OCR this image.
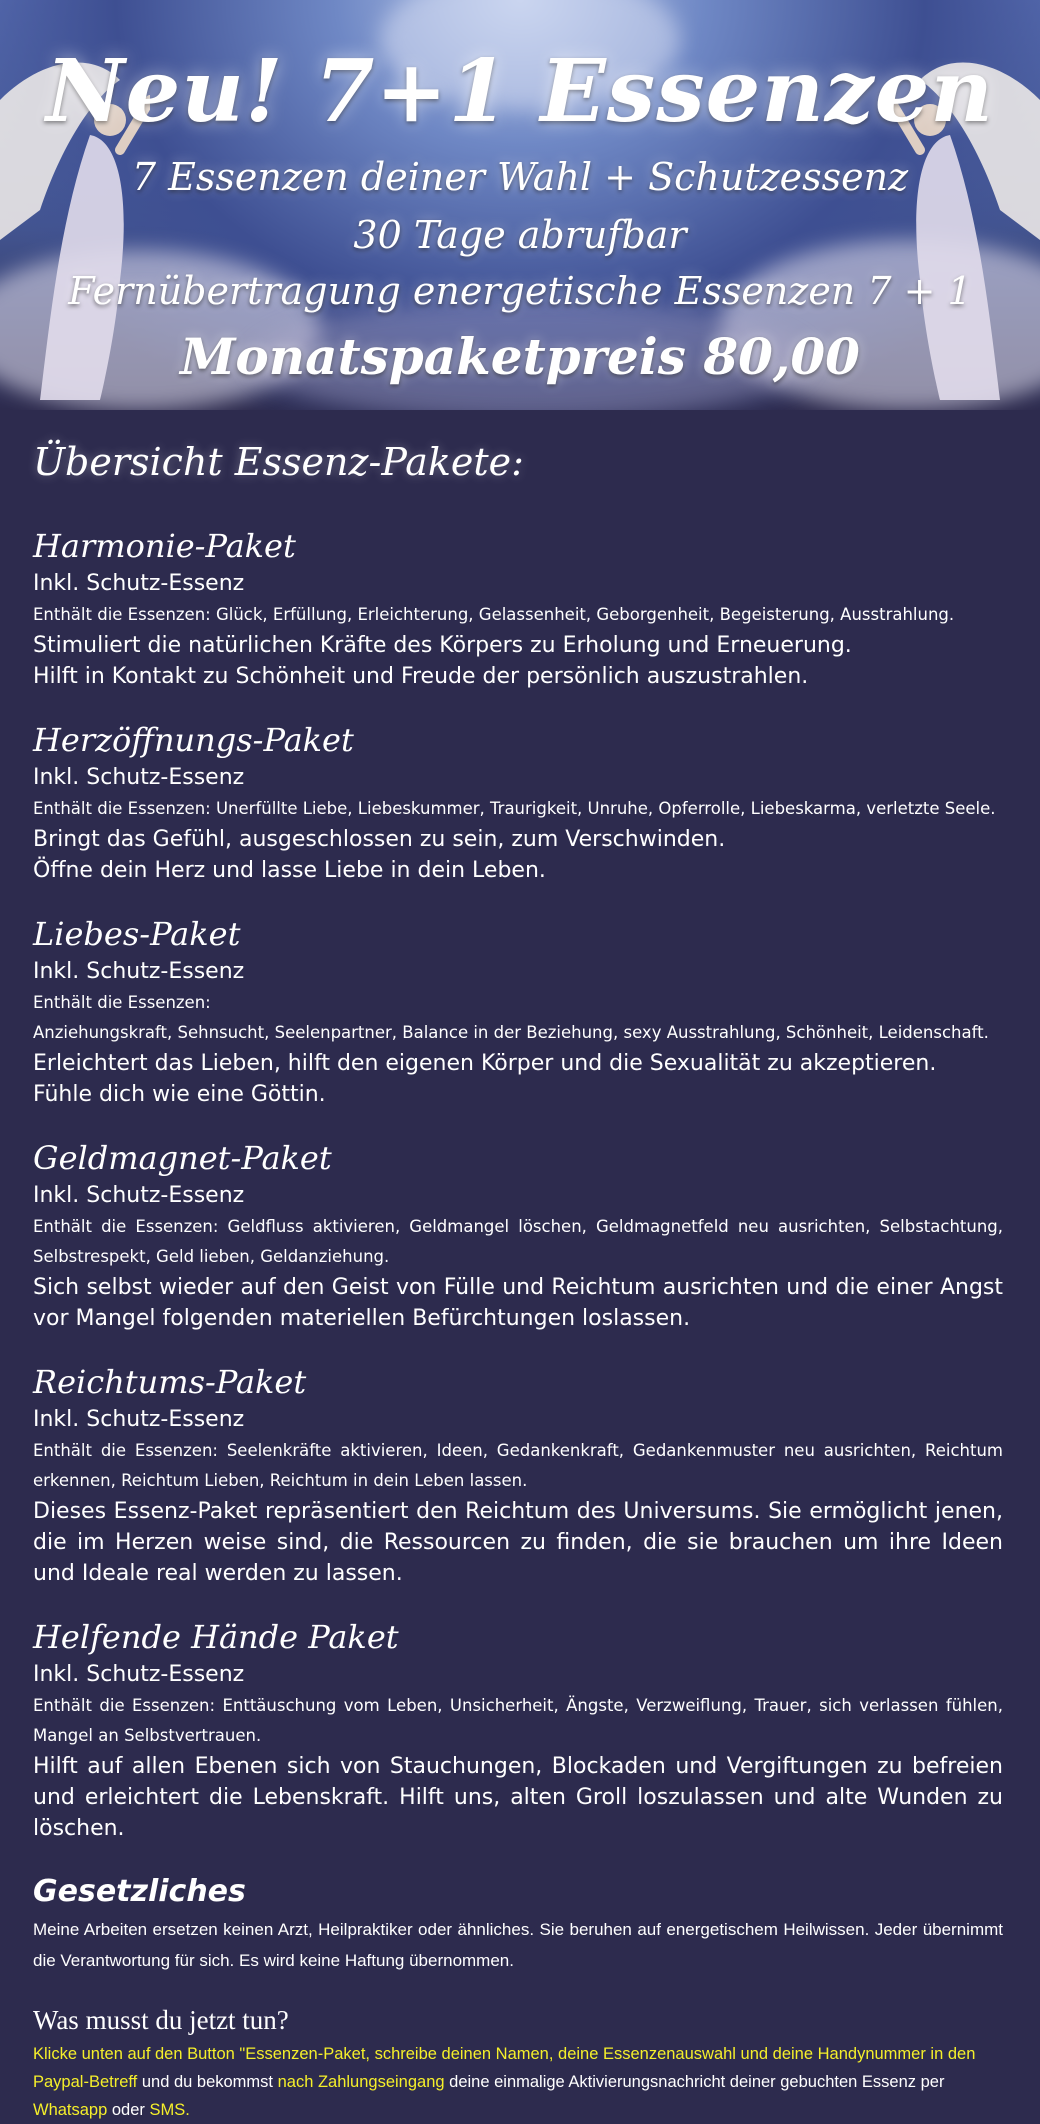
Neu! 7+1 Essenzen
7 Essenzen deiner Wahl + Schutzessenz
30 Tage abrufbar
Fernübertragung energetische Essenzen 7 + 1
Monatspaketpreis 80,00
Übersicht Essenz-Pakete:
Harmonie-Paket
Inkl. Schutz-Essenz
Enthält die Essenzen: Glück, Erfüllung, Erleichterung, Gelassenheit, Geborgenheit, Begeisterung, Ausstrahlung.
Stimuliert die natürlichen Kräfte des Körpers zu Erholung und Erneuerung.
Hilft in Kontakt zu Schönheit und Freude der persönlich auszustrahlen.
Herzöffnungs-Paket
Inkl. Schutz-Essenz
Enthält die Essenzen: Unerfüllte Liebe, Liebeskummer, Traurigkeit, Unruhe, Opferrolle, Liebeskarma, verletzte Seele.
Bringt das Gefühl, ausgeschlossen zu sein, zum Verschwinden.
Öffne dein Herz und lasse Liebe in dein Leben.
Liebes-Paket
Inkl. Schutz-Essenz
Enthält die Essenzen:
Anziehungskraft, Sehnsucht, Seelenpartner, Balance in der Beziehung, sexy Ausstrahlung, Schönheit, Leidenschaft.
Erleichtert das Lieben, hilft den eigenen Körper und die Sexualität zu akzeptieren.
Fühle dich wie eine Göttin.
Geldmagnet-Paket
Inkl. Schutz-Essenz
Enthält die Essenzen: Geldfluss aktivieren, Geldmangel löschen, Geldmagnetfeld neu ausrichten, Selbstachtung, Selbstrespekt, Geld lieben, Geldanziehung.
Sich selbst wieder auf den Geist von Fülle und Reichtum ausrichten und die einer Angst vor Mangel folgenden materiellen Befürchtungen loslassen.
Reichtums-Paket
Inkl. Schutz-Essenz
Enthält die Essenzen: Seelenkräfte aktivieren, Ideen, Gedankenkraft, Gedankenmuster neu ausrichten, Reichtum erkennen, Reichtum Lieben, Reichtum in dein Leben lassen.
Dieses Essenz-Paket repräsentiert den Reichtum des Universums. Sie ermöglicht jenen, die im Herzen weise sind, die Ressourcen zu finden, die sie brauchen um ihre Ideen und Ideale real werden zu lassen.
Helfende Hände Paket
Inkl. Schutz-Essenz
Enthält die Essenzen: Enttäuschung vom Leben, Unsicherheit, Ängste, Verzweiflung, Trauer, sich verlassen fühlen, Mangel an Selbstvertrauen.
Hilft auf allen Ebenen sich von Stauchungen, Blockaden und Vergiftungen zu befreien und erleichtert die Lebenskraft. Hilft uns, alten Groll loszulassen und alte Wunden zu löschen.
Gesetzliches
Meine Arbeiten ersetzen keinen Arzt, Heilpraktiker oder ähnliches. Sie beruhen auf energetischem Heilwissen. Jeder übernimmt die Verantwortung für sich. Es wird keine Haftung übernommen.
Was musst du jetzt tun?
Klicke unten auf den Button "Essenzen-Paket, schreibe deinen Namen, deine Essenzenauswahl und deine Handynummer in den Paypal-Betreff und du bekommst nach Zahlungseingang deine einmalige Aktivierungsnachricht deiner gebuchten Essenz per Whatsapp oder SMS.
